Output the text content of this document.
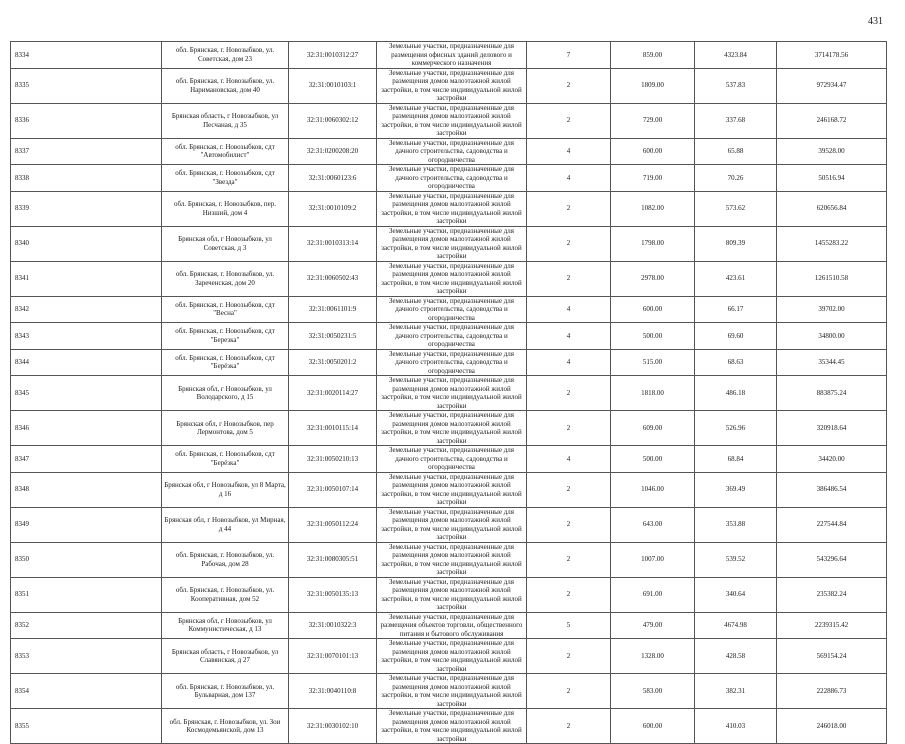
431
8334	обл. Брянская, г. Новозыбков, ул. Советская, дом 23	32:31:0010312:27	Земельные участки, предназначенные для размещения офисных зданий делового и коммерческого назначения	7	859.00	4323.84	3714178.56
8335	обл. Брянская, г. Новозыбков, ул. Наримановская, дом 40	32:31:0010103:1	Земельные участки, предназначенные для размещения домов малоэтажной жилой застройки, в том числе индивидуальной жилой застройки	2	1809.00	537.83	972934.47
8336	Брянская область, г Новозыбков, ул Песчаная, д 35	32:31:0060302:12	Земельные участки, предназначенные для размещения домов малоэтажной жилой застройки, в том числе индивидуальной жилой застройки	2	729.00	337.68	246168.72
8337	обл. Брянская, г. Новозыбков, сдт "Автомобилист"	32:31:0200208:20	Земельные участки, предназначенные для дачного строительства, садоводства и огородничества	4	600.00	65.88	39528.00
8338	обл. Брянская, г. Новозыбков, сдт "Звезда"	32:31:0060123:6	Земельные участки, предназначенные для дачного строительства, садоводства и огородничества	4	719.00	70.26	50516.94
8339	обл. Брянская, г. Новозыбков, пер. Низший, дом 4	32:31:0010109:2	Земельные участки, предназначенные для размещения домов малоэтажной жилой застройки, в том числе индивидуальной жилой застройки	2	1082.00	573.62	620656.84
8340	Брянская обл, г Новозыбков, ул Советская, д 3	32:31:0010313:14	Земельные участки, предназначенные для размещения домов малоэтажной жилой застройки, в том числе индивидуальной жилой застройки	2	1798.00	809.39	1455283.22
8341	обл. Брянская, г. Новозыбков, ул. Зареченская, дом 20	32:31:0060502:43	Земельные участки, предназначенные для размещения домов малоэтажной жилой застройки, в том числе индивидуальной жилой застройки	2	2978.00	423.61	1261510.58
8342	обл. Брянская, г. Новозыбков, сдт "Весна"	32:31:0061101:9	Земельные участки, предназначенные для дачного строительства, садоводства и огородничества	4	600.00	66.17	39702.00
8343	обл. Брянская, г. Новозыбков, сдт "Березка"	32:31:0050231:5	Земельные участки, предназначенные для дачного строительства, садоводства и огородничества	4	500.00	69.60	34800.00
8344	обл. Брянская, г. Новозыбков, сдт "Берёзка"	32:31:0050201:2	Земельные участки, предназначенные для дачного строительства, садоводства и огородничества	4	515.00	68.63	35344.45
8345	Брянская обл, г Новозыбков, ул Володарского, д 15	32:31:0020114:27	Земельные участки, предназначенные для размещения домов малоэтажной жилой застройки, в том числе индивидуальной жилой застройки	2	1818.00	486.18	883875.24
8346	Брянская обл, г Новозыбков, пер Лермонтова, дом 5	32:31:0010115:14	Земельные участки, предназначенные для размещения домов малоэтажной жилой застройки, в том числе индивидуальной жилой застройки	2	609.00	526.96	320918.64
8347	обл. Брянская, г. Новозыбков, сдт "Берёзка"	32:31:0050210:13	Земельные участки, предназначенные для дачного строительства, садоводства и огородничества	4	500.00	68.84	34420.00
8348	Брянская обл, г Новозыбков, ул 8 Марта, д 16	32:31:0050107:14	Земельные участки, предназначенные для размещения домов малоэтажной жилой застройки, в том числе индивидуальной жилой застройки	2	1046.00	369.49	386486.54
8349	Брянская обл, г Новозыбков, ул Мирная, д 44	32:31:0050112:24	Земельные участки, предназначенные для размещения домов малоэтажной жилой застройки, в том числе индивидуальной жилой застройки	2	643.00	353.88	227544.84
8350	обл. Брянская, г. Новозыбков, ул. Рабочая, дом 28	32:31:0080305:51	Земельные участки, предназначенные для размещения домов малоэтажной жилой застройки, в том числе индивидуальной жилой застройки	2	1007.00	539.52	543296.64
8351	обл. Брянская, г. Новозыбков, ул. Кооперативная, дом 52	32:31:0050135:13	Земельные участки, предназначенные для размещения домов малоэтажной жилой застройки, в том числе индивидуальной жилой застройки	2	691.00	340.64	235382.24
8352	Брянская обл, г Новозыбков, ул Коммунистическая, д 13	32:31:0010322:3	Земельные участки, предназначенные для размещения объектов торговли, общественного питания и бытового обслуживания	5	479.00	4674.98	2239315.42
8353	Брянская область, г Новозыбков, ул Славянская, д 27	32:31:0070101:13	Земельные участки, предназначенные для размещения домов малоэтажной жилой застройки, в том числе индивидуальной жилой застройки	2	1328.00	428.58	569154.24
8354	обл. Брянская, г. Новозыбков, ул. Бульварная, дом 137	32:31:0040110:8	Земельные участки, предназначенные для размещения домов малоэтажной жилой застройки, в том числе индивидуальной жилой застройки	2	583.00	382.31	222886.73
8355	обл. Брянская, г. Новозыбков, ул. Зои Космодемьянской, дом 13	32:31:0030102:10	Земельные участки, предназначенные для размещения домов малоэтажной жилой застройки, в том числе индивидуальной жилой застройки	2	600.00	410.03	246018.00
